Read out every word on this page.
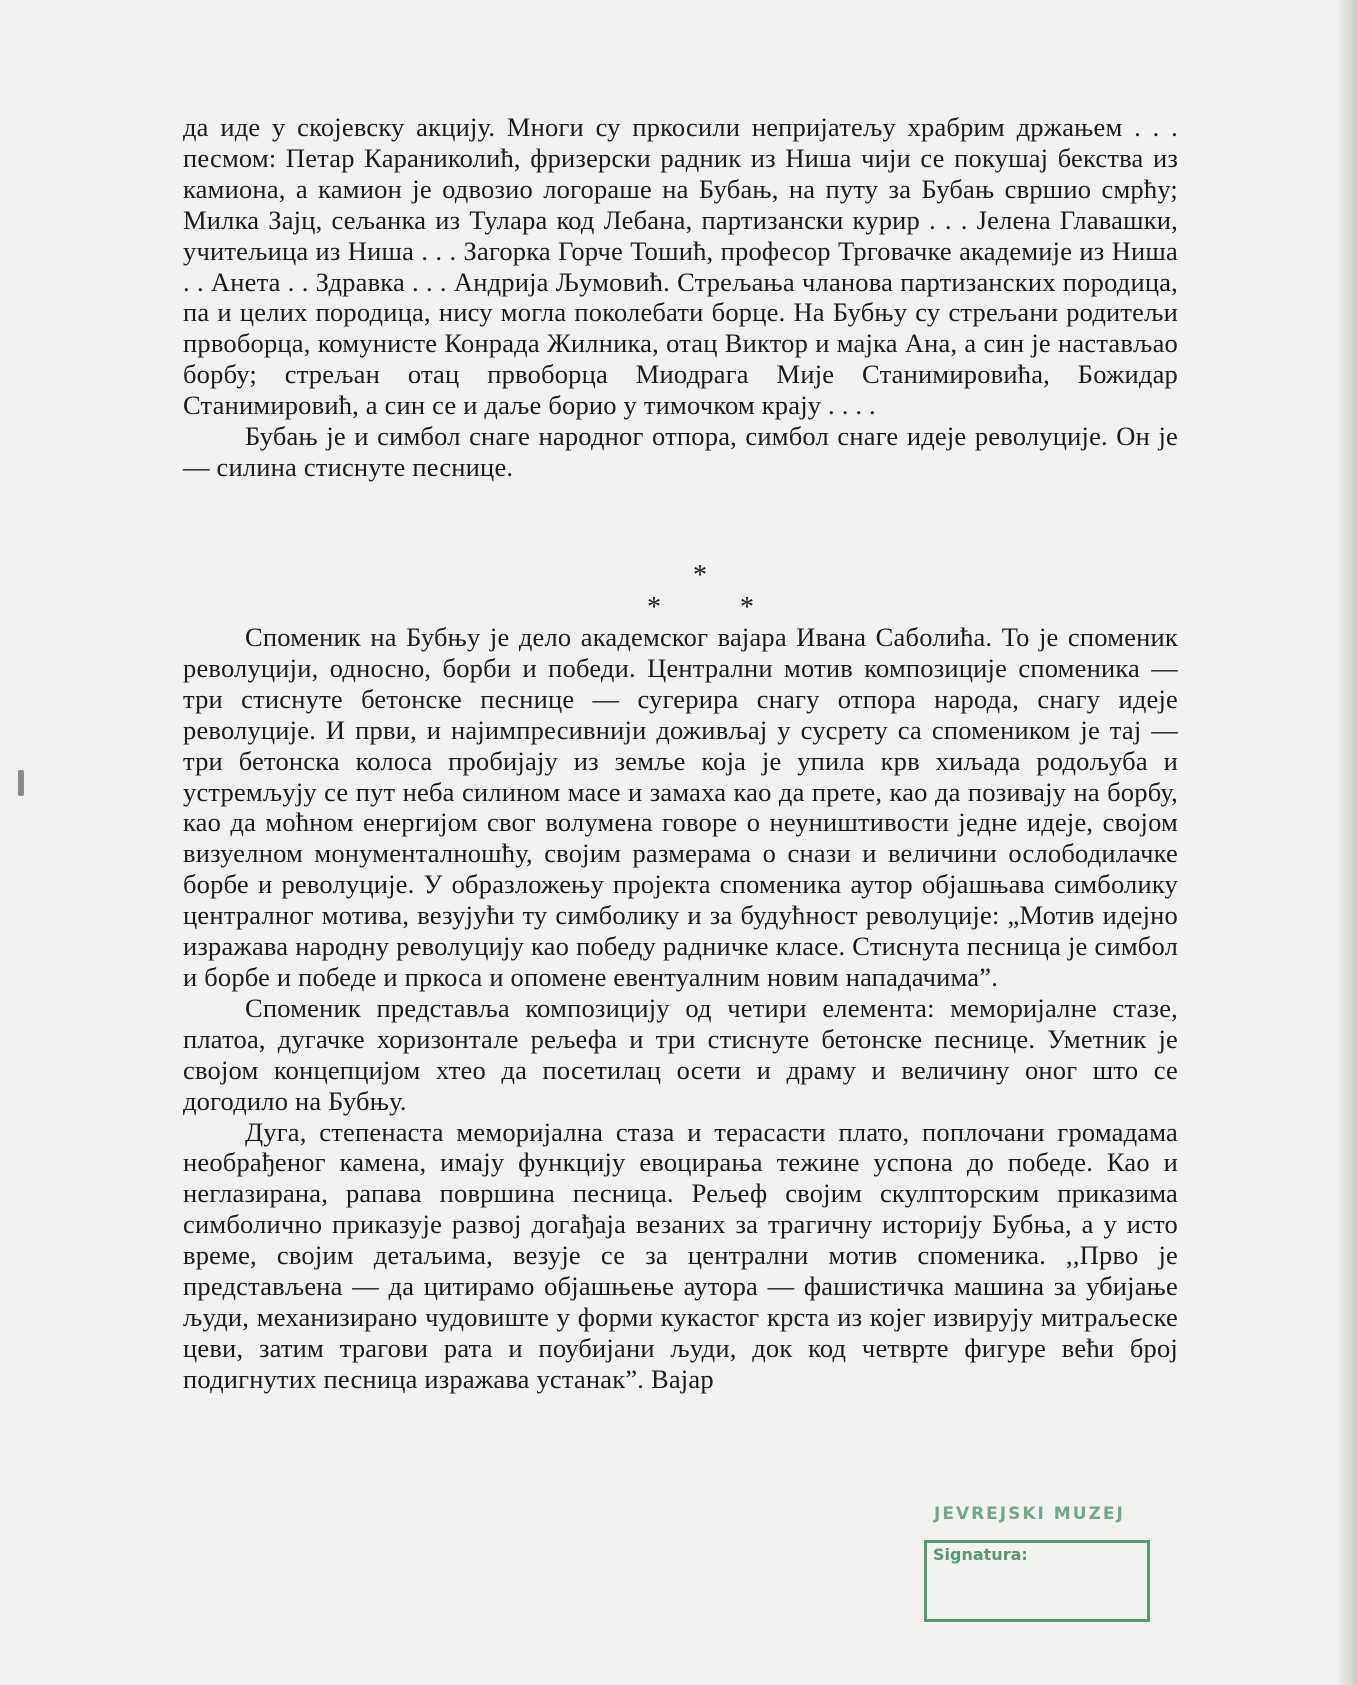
да иде у скојевску акцију. Многи су пркосили непријатељу храбрим држањем . . . песмом: Петар Караниколић, фризерски радник из Ниша чији се покушај бекства из камиона, а камион је одвозио логораше на Бубањ, на путу за Бубањ свршио смрћу; Милка Зајц, сељанка из Тулара код Лебана, партизански курир . . . Јелена Главашки, учитељица из Ниша . . . Загорка Горче Тошић, професор Трговачке академије из Ниша . . Анета . . Здравка . . . Андрија Љумовић. Стрељања чланова партизанских породица, па и целих породица, нису могла поколебати борце. На Бубњу су стрељани родитељи првоборца, комунисте Конрада Жилника, отац Виктор и мајка Ана, а син је настављао борбу; стрељан отац првоборца Миодрага Мије Станимировића, Божидар Станимировић, а син се и даље борио у тимочком крају . . . .

Бубањ је и симбол снаге народног отпора, симбол снаге идеје револуције. Он је — силина стиснуте песнице.

*
*	*

Споменик на Бубњу је дело академског вајара Ивана Саболића. То је споменик револуцији, односно, борби и победи. Централни мотив композиције споменика — три стиснуте бетонске песнице — сугерира снагу отпора народа, снагу идеје револуције. И први, и најимпресивнији доживљај у сусрету са спомеником је тај — три бетонска колоса пробијају из земље која је упила крв хиљада родољуба и устремљују се пут неба силином масе и замаха као да прете, као да позивају на борбу, као да моћном енергијом свог волумена говоре о неуништивости једне идеје, својом визуелном монументалношћу, својим размерама о снази и величини ослободилачке борбе и револуције. У образложењу пројекта споменика аутор објашњава симболику централног мотива, везујући ту симболику и за будућност револуције: „Мотив идејно изражава народну револуцију као победу радничке класе. Стиснута песница је симбол и борбе и победе и пркоса и опомене евентуалним новим нападачима”.

Споменик представља композицију од четири елемента: меморијалне стазе, платоа, дугачке хоризонтале рељефа и три стиснуте бетонске песнице. Уметник је својом концепцијом хтео да посетилац осети и драму и величину оног што се догодило на Бубњу.

Дуга, степенаста меморијална стаза и терасасти плато, поплочани громадама необрађеног камена, имају функцију евоцирања тежине успона до победе. Као и неглазирана, рапава површина песница. Рељеф својим скулпторским приказима симболично приказује развој догађаја везаних за трагичну историју Бубња, а у исто време, својим детаљима, везује се за централни мотив споменика. ,,Прво је представљена — да цитирамо објашњење аутора — фашистичка машина за убијање људи, механизирано чудовиште у форми кукастог крста из којег извирују митраљеске цеви, затим трагови рата и поубијани људи, док код четврте фигуре већи број подигнутих песница изражава устанак”. Вајар

JEVREJSKI MUZEJ
Signatura:
